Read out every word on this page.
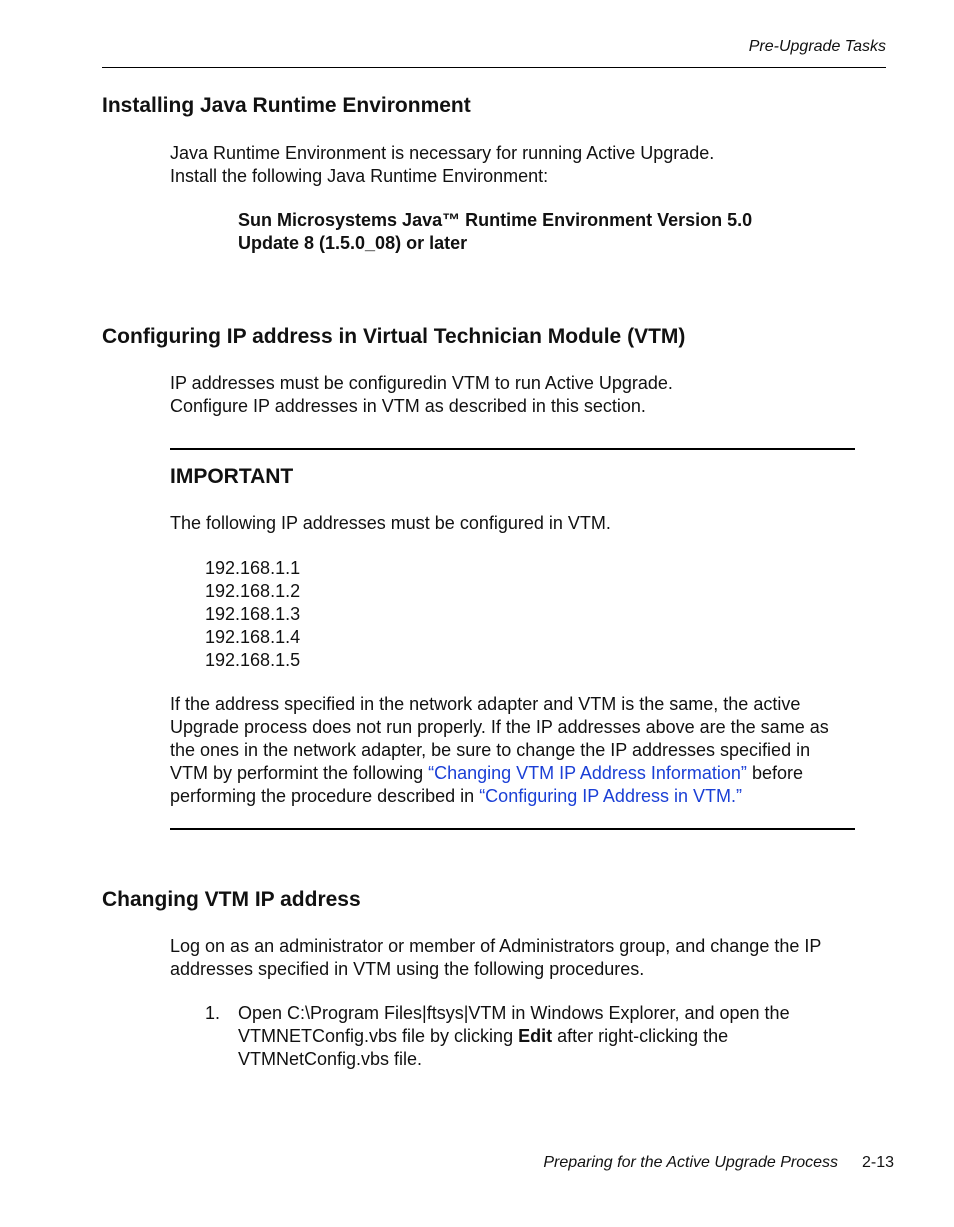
Pre-Upgrade Tasks
Installing Java Runtime Environment
Java Runtime Environment is necessary for running Active Upgrade.
Install the following Java Runtime Environment:
Sun Microsystems Java™ Runtime Environment Version 5.0
Update 8 (1.5.0_08) or later
Configuring IP address in Virtual Technician Module (VTM)
IP addresses must be configuredin VTM to run Active Upgrade.
Configure IP addresses in VTM as described in this section.
IMPORTANT
The following IP addresses must be configured in VTM.
192.168.1.1
192.168.1.2
192.168.1.3
192.168.1.4
192.168.1.5
If the address specified in the network adapter and VTM is the same, the active
Upgrade process does not run properly. If the IP addresses above are the same as
the ones in the network adapter, be sure to change the IP addresses specified in
VTM by performint the following “Changing VTM IP Address Information” before
performing the procedure described in “Configuring IP Address in VTM.”
Changing VTM IP address
Log on as an administrator or member of Administrators group, and change the IP
addresses specified in VTM using the following procedures.
1. Open C:\Program Files|ftsys|VTM in Windows Explorer, and open the
VTMNETConfig.vbs file by clicking Edit after right-clicking the
VTMNetConfig.vbs file.
Preparing for the Active Upgrade Process 2-13
